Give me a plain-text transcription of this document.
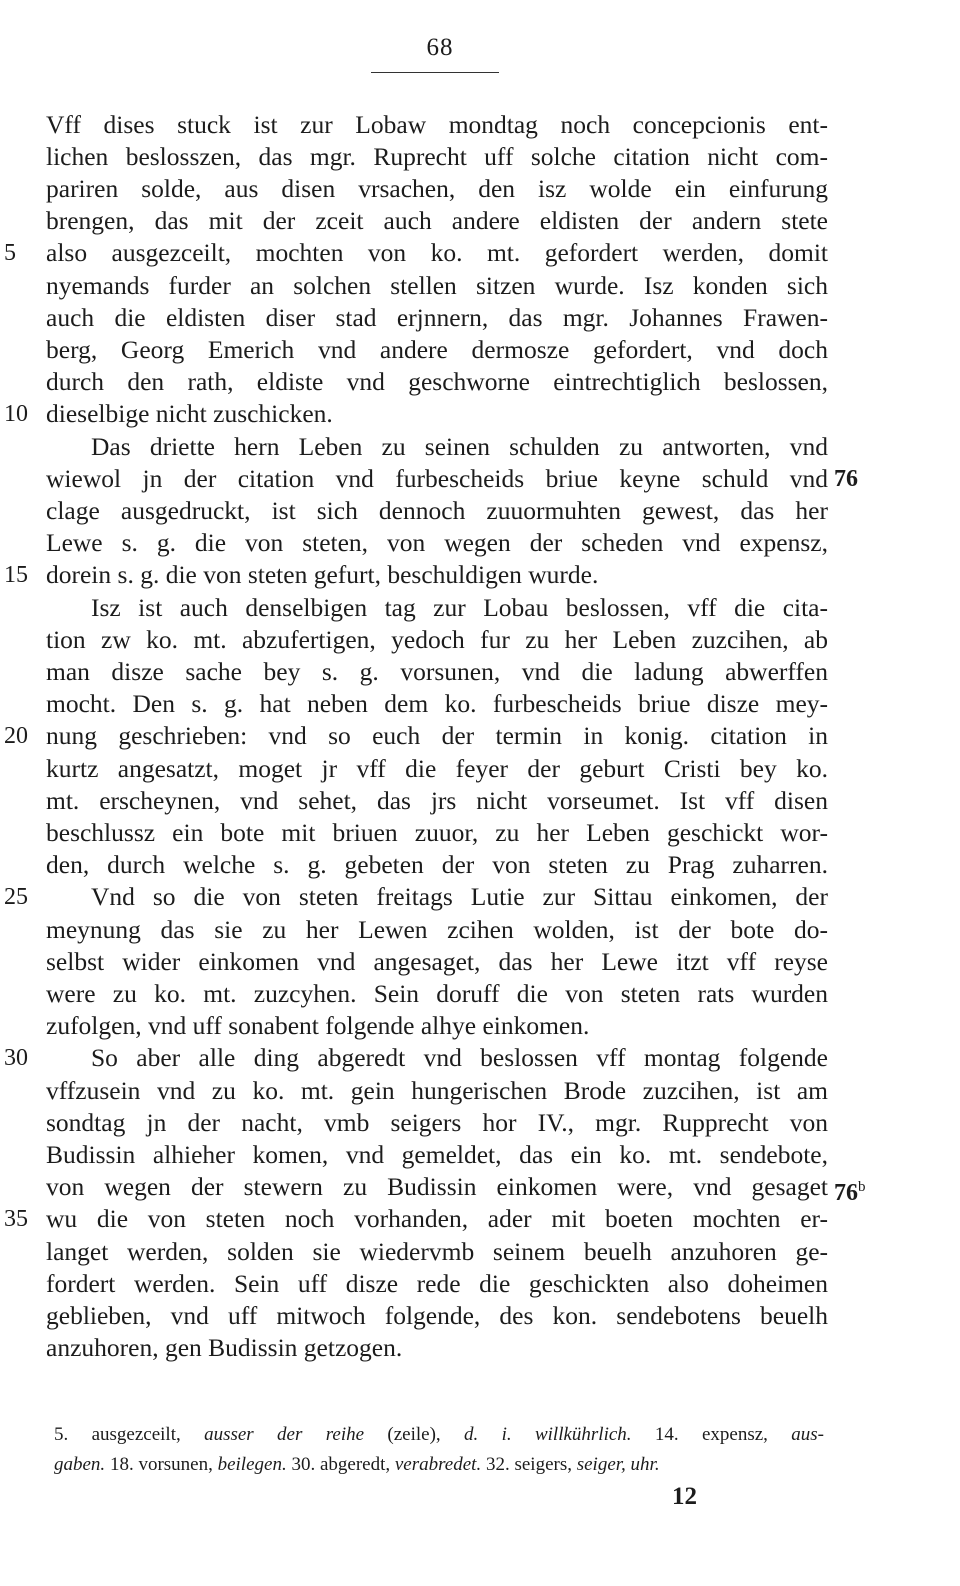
68
Vff dises stuck ist zur Lobaw mondtag noch concepcionis ent-
lichen beslosszen, das mgr. Ruprecht uff solche citation nicht com-
pariren solde, aus disen vrsachen, den isz wolde ein einfurung
brengen, das mit der zceit auch andere eldisten der andern stete
also ausgezceilt, mochten von ko. mt. gefordert werden, domit
nyemands furder an solchen stellen sitzen wurde. Isz konden sich
auch die eldisten diser stad erjnnern, das mgr. Johannes Frawen-
berg, Georg Emerich vnd andere dermosze gefordert, vnd doch
durch den rath, eldiste vnd geschworne eintrechtiglich beslossen,
dieselbige nicht zuschicken.
Das driette hern Leben zu seinen schulden zu antworten, vnd
wiewol jn der citation vnd furbescheids briue keyne schuld vnd
clage ausgedruckt, ist sich dennoch zuuormuhten gewest, das her
Lewe s. g. die von steten, von wegen der scheden vnd expensz,
dorein s. g. die von steten gefurt, beschuldigen wurde.
Isz ist auch denselbigen tag zur Lobau beslossen, vff die cita-
tion zw ko. mt. abzufertigen, yedoch fur zu her Leben zuzcihen, ab
man disze sache bey s. g. vorsunen, vnd die ladung abwerffen
mocht. Den s. g. hat neben dem ko. furbescheids briue disze mey-
nung geschrieben: vnd so euch der termin in konig. citation in
kurtz angesatzt, moget jr vff die feyer der geburt Cristi bey ko.
mt. erscheynen, vnd sehet, das jrs nicht vorseumet. Ist vff disen
beschlussz ein bote mit briuen zuuor, zu her Leben geschickt wor-
den, durch welche s. g. gebeten der von steten zu Prag zuharren.
Vnd so die von steten freitags Lutie zur Sittau einkomen, der
meynung das sie zu her Lewen zcihen wolden, ist der bote do-
selbst wider einkomen vnd angesaget, das her Lewe itzt vff reyse
were zu ko. mt. zuzcyhen. Sein doruff die von steten rats wurden
zufolgen, vnd uff sonabent folgende alhye einkomen.
So aber alle ding abgeredt vnd beslossen vff montag folgende
vffzusein vnd zu ko. mt. gein hungerischen Brode zuzcihen, ist am
sondtag jn der nacht, vmb seigers hor IV., mgr. Rupprecht von
Budissin alhieher komen, vnd gemeldet, das ein ko. mt. sendebote,
von wegen der stewern zu Budissin einkomen were, vnd gesaget
wu die von steten noch vorhanden, ader mit boeten mochten er-
langet werden, solden sie wiedervmb seinem beuelh anzuhoren ge-
fordert werden. Sein uff disze rede die geschickten also doheimen
geblieben, vnd uff mitwoch folgende, des kon. sendebotens beuelh
anzuhoren, gen Budissin getzogen.
5
10
15
20
25
30
35
76
76$^b$
5. ausgezceilt, ausser der reihe (zeile), d. i. willkührlich. 14. expensz, aus-
gaben. 18. vorsunen, beilegen. 30. abgeredt, verabredet. 32. seigers, seiger, uhr.
12
